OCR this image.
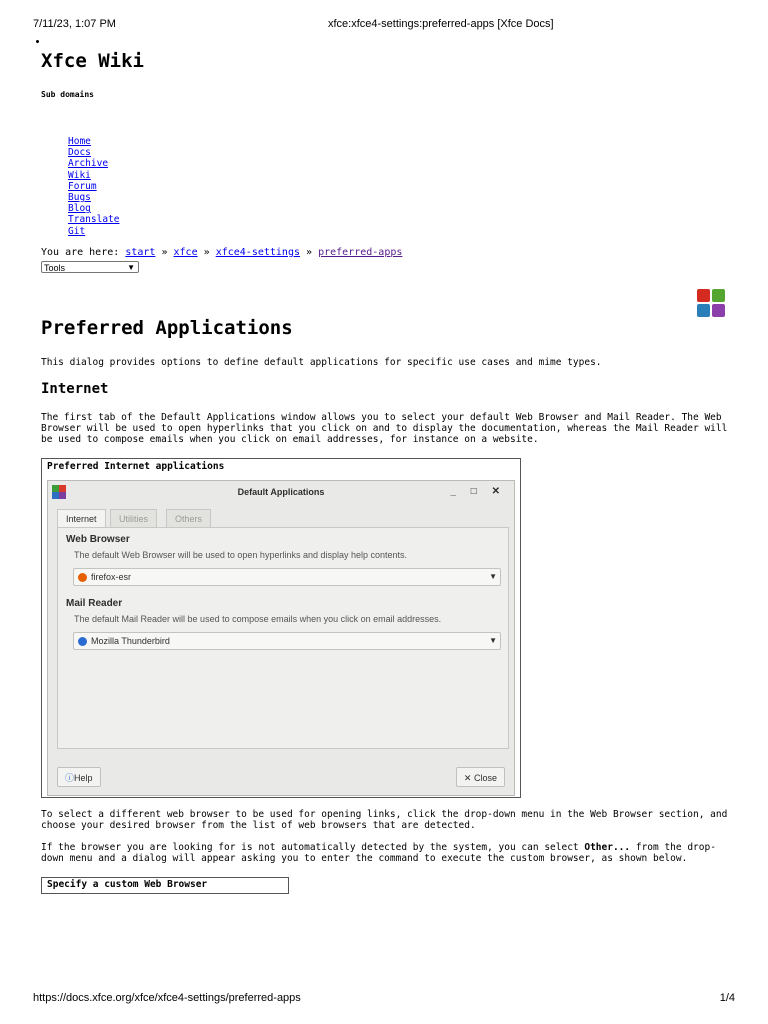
7/11/23, 1:07 PM	xfce:xfce4-settings:preferred-apps [Xfce Docs]
Xfce Wiki
Sub domains
Home
Docs
Archive
Wiki
Forum
Bugs
Blog
Translate
Git
You are here: start » xfce » xfce4-settings » preferred-apps
Tools	▼
Preferred Applications

This dialog provides options to define default applications for specific use cases and mime types.

Internet

The first tab of the Default Applications window allows you to select your default Web Browser and Mail Reader. The Web Browser will be used to open hyperlinks that you click on and to display the documentation, whereas the Mail Reader will be used to compose emails when you click on email addresses, for instance on a website.

Preferred Internet applications
Default Applications	_ □ ✕
Internet	Utilities	Others
Web Browser
The default Web Browser will be used to open hyperlinks and display help contents.
firefox-esr	▼
Mail Reader
The default Mail Reader will be used to compose emails when you click on email addresses.
Mozilla Thunderbird	▼
ⓘHelp	✕ Close

To select a different web browser to be used for opening links, click the drop-down menu in the Web Browser section, and choose your desired browser from the list of web browsers that are detected.

If the browser you are looking for is not automatically detected by the system, you can select Other... from the drop-down menu and a dialog will appear asking you to enter the command to execute the custom browser, as shown below.

Specify a custom Web Browser
https://docs.xfce.org/xfce/xfce4-settings/preferred-apps	1/4
